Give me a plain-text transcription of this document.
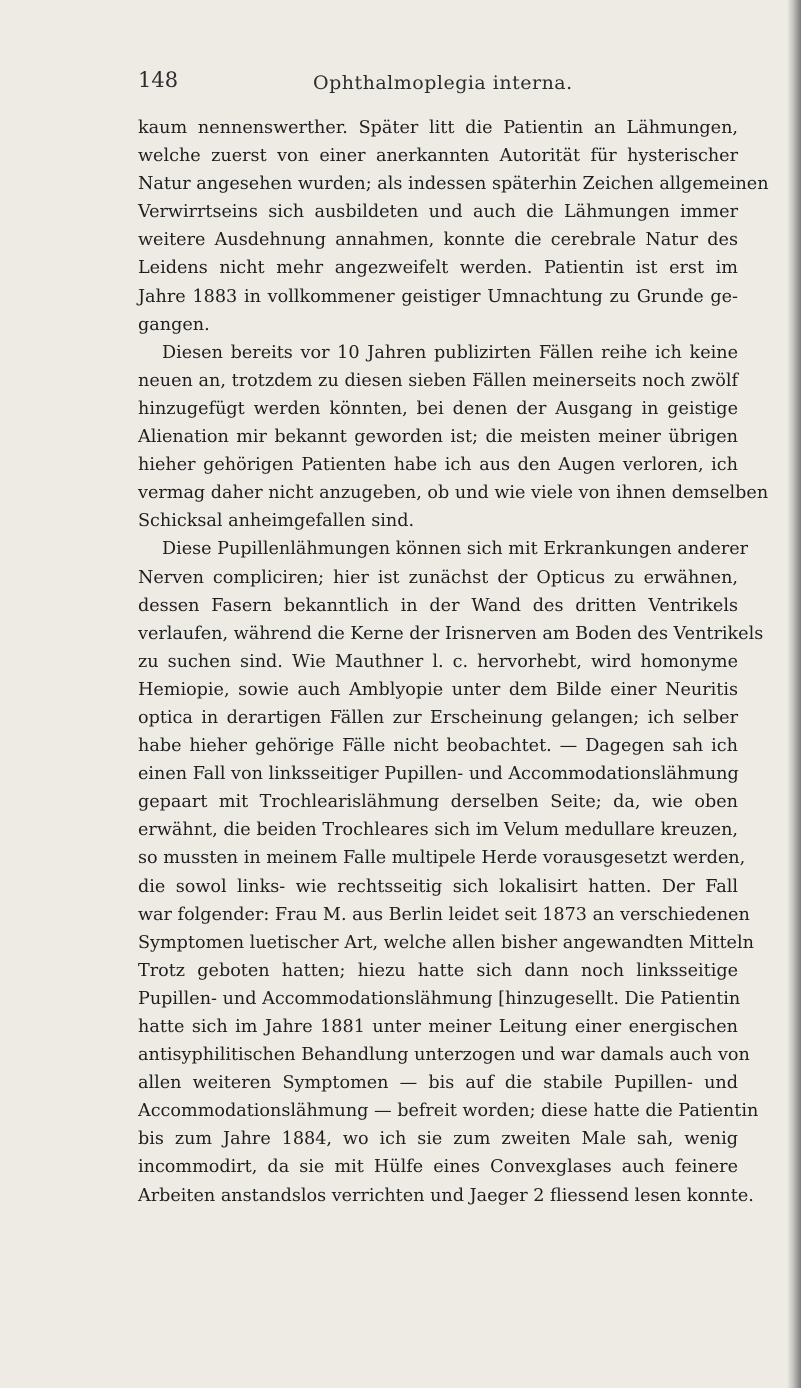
148	Ophthalmoplegia interna.
kaum nennenswerther. Später litt die Patientin an Lähmungen,
welche zuerst von einer anerkannten Autorität für hysterischer
Natur angesehen wurden; als indessen späterhin Zeichen allgemeinen
Verwirrtseins sich ausbildeten und auch die Lähmungen immer
weitere Ausdehnung annahmen, konnte die cerebrale Natur des
Leidens nicht mehr angezweifelt werden. Patientin ist erst im
Jahre 1883 in vollkommener geistiger Umnachtung zu Grunde ge-
gangen.
Diesen bereits vor 10 Jahren publizirten Fällen reihe ich keine
neuen an, trotzdem zu diesen sieben Fällen meinerseits noch zwölf
hinzugefügt werden könnten, bei denen der Ausgang in geistige
Alienation mir bekannt geworden ist; die meisten meiner übrigen
hieher gehörigen Patienten habe ich aus den Augen verloren, ich
vermag daher nicht anzugeben, ob und wie viele von ihnen demselben
Schicksal anheimgefallen sind.
Diese Pupillenlähmungen können sich mit Erkrankungen anderer
Nerven compliciren; hier ist zunächst der Opticus zu erwähnen,
dessen Fasern bekanntlich in der Wand des dritten Ventrikels
verlaufen, während die Kerne der Irisnerven am Boden des Ventrikels
zu suchen sind. Wie Mauthner l. c. hervorhebt, wird homonyme
Hemiopie, sowie auch Amblyopie unter dem Bilde einer Neuritis
optica in derartigen Fällen zur Erscheinung gelangen; ich selber
habe hieher gehörige Fälle nicht beobachtet. — Dagegen sah ich
einen Fall von linksseitiger Pupillen- und Accommodationslähmung
gepaart mit Trochlearislähmung derselben Seite; da, wie oben
erwähnt, die beiden Trochleares sich im Velum medullare kreuzen,
so mussten in meinem Falle multipele Herde vorausgesetzt werden,
die sowol links- wie rechtsseitig sich lokalisirt hatten. Der Fall
war folgender: Frau M. aus Berlin leidet seit 1873 an verschiedenen
Symptomen luetischer Art, welche allen bisher angewandten Mitteln
Trotz geboten hatten; hiezu hatte sich dann noch linksseitige
Pupillen- und Accommodationslähmung [hinzugesellt. Die Patientin
hatte sich im Jahre 1881 unter meiner Leitung einer energischen
antisyphilitischen Behandlung unterzogen und war damals auch von
allen weiteren Symptomen — bis auf die stabile Pupillen- und
Accommodationslähmung — befreit worden; diese hatte die Patientin
bis zum Jahre 1884, wo ich sie zum zweiten Male sah, wenig
incommodirt, da sie mit Hülfe eines Convexglases auch feinere
Arbeiten anstandslos verrichten und Jaeger 2 fliessend lesen konnte.
